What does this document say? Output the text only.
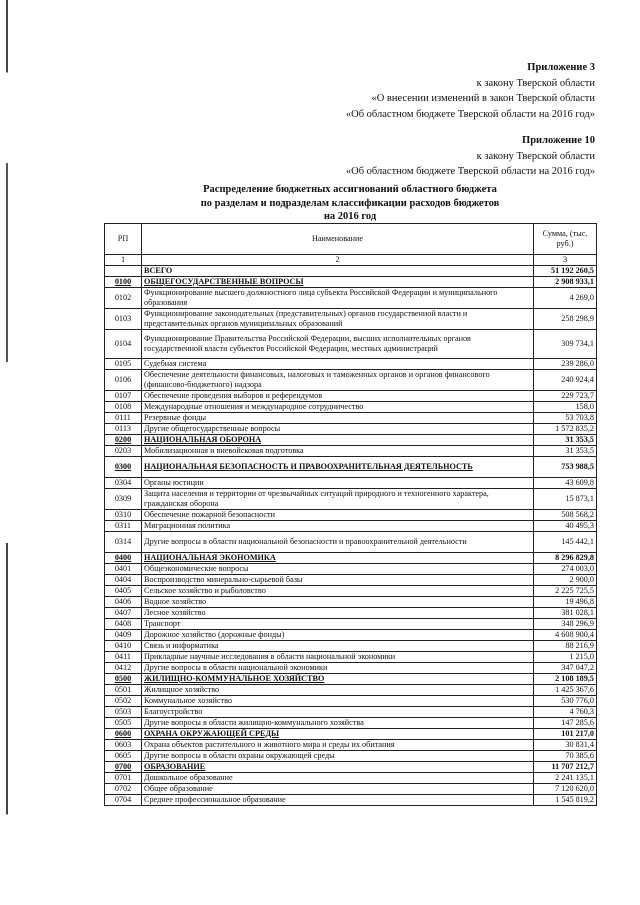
Приложение 3
к закону Тверской области
«О внесении изменений в закон Тверской области
«Об областном бюджете Тверской области на 2016 год»
Приложение 10
к закону Тверской области
«Об областном бюджете Тверской области на 2016 год»
Распределение бюджетных ассигнований областного бюджета
по разделам и подразделам классификации расходов бюджетов
на 2016 год
РП	Наименование	Сумма, (тыс. руб.)
1	2	3
	ВСЕГО	51 192 260,5
0100	ОБЩЕГОСУДАРСТВЕННЫЕ ВОПРОСЫ	2 908 933,1
0102	Функционирование высшего должностного лица субъекта Российской Федерации и муниципального образования	4 269,0
0103	Функционирование законодательных (представительных) органов государственной власти и представительных органов муниципальных образований	258 298,9
0104	Функционирование Правительства Российской Федерации, высших исполнительных органов государственной власти субъектов Российской Федерации, местных администраций	309 734,1
0105	Судебная система	239 286,0
0106	Обеспечение деятельности финансовых, налоговых и таможенных органов и органов финансового (финансово-бюджетного) надзора	240 924,4
0107	Обеспечение проведения выборов и референдумов	229 723,7
0108	Международные отношения и международное сотрудничество	158,0
0111	Резервные фонды	53 703,8
0113	Другие общегосударственные вопросы	1 572 835,2
0200	НАЦИОНАЛЬНАЯ ОБОРОНА	31 353,5
0203	Мобилизационная и вневойсковая подготовка	31 353,5
0300	НАЦИОНАЛЬНАЯ БЕЗОПАСНОСТЬ И ПРАВООХРАНИТЕЛЬНАЯ ДЕЯТЕЛЬНОСТЬ	753 988,5
0304	Органы юстиции	43 609,8
0309	Защита населения и территории от чрезвычайных ситуаций природного и техногенного характера, гражданская оборона	15 873,1
0310	Обеспечение пожарной безопасности	508 568,2
0311	Миграционная политика	40 495,3
0314	Другие вопросы в области национальной безопасности и правоохранительной деятельности	145 442,1
0400	НАЦИОНАЛЬНАЯ ЭКОНОМИКА	8 296 829,8
0401	Общеэкономические вопросы	274 003,0
0404	Воспроизводство минерально-сырьевой базы	2 900,0
0405	Сельское хозяйство и рыболовство	2 225 725,5
0406	Водное хозяйство	19 496,8
0407	Лесное хозяйство	381 028,1
0408	Транспорт	348 296,9
0409	Дорожное хозяйство (дорожные фонды)	4 608 900,4
0410	Связь и информатика	88 216,9
0411	Прикладные научные исследования в области национальной экономики	1 215,0
0412	Другие вопросы в области национальной экономики	347 047,2
0500	ЖИЛИЩНО-КОММУНАЛЬНОЕ ХОЗЯЙСТВО	2 108 189,5
0501	Жилищное хозяйство	1 425 367,6
0502	Коммунальное хозяйство	530 776,0
0503	Благоустройство	4 760,3
0505	Другие вопросы в области жилищно-коммунального хозяйства	147 285,6
0600	ОХРАНА ОКРУЖАЮЩЕЙ СРЕДЫ	101 217,0
0603	Охрана объектов растительного и животного мира и среды их обитания	30 831,4
0605	Другие вопросы в области охраны окружающей среды	70 385,6
0700	ОБРАЗОВАНИЕ	11 707 212,7
0701	Дошкольное образование	2 241 135,1
0702	Общее образование	7 120 620,0
0704	Среднее профессиональное образование	1 545 819,2
